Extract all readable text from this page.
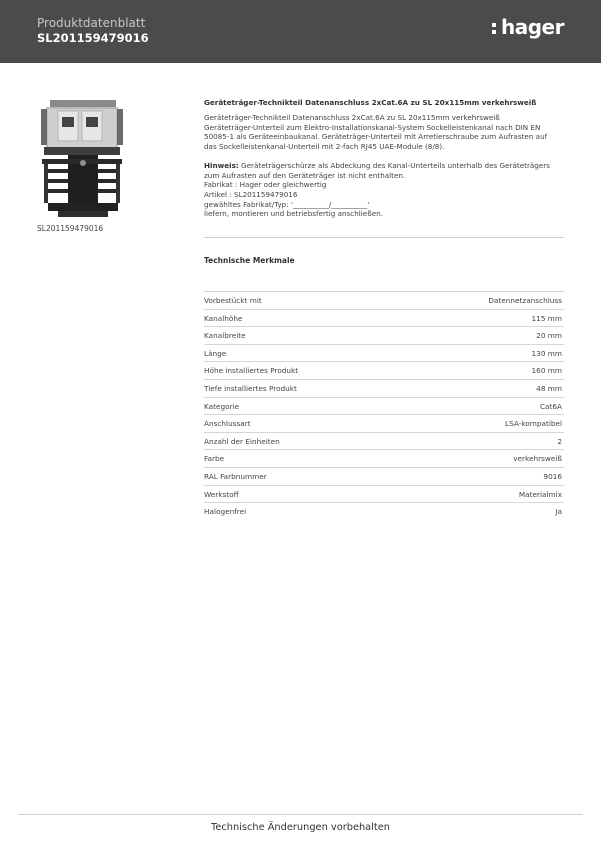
Produktdatenblatt
SL201159479016	hager
SL201159479016
Geräteträger-Technikteil Datenanschluss 2xCat.6A zu SL 20x115mm verkehrsweiß

Geräteträger-Technikteil Datenanschluss 2xCat.6A zu SL 20x115mm verkehrsweiß

Geräteträger-Unterteil zum Elektro-Installationskanal-System Sockelleistenkanal nach DIN EN

50085-1 als Geräteeinbaukanal. Geräteträger-Unterteil mit Arretierschraube zum Aufrasten auf

das Sockelleistenkanal-Unterteil mit 2-fach RJ45 UAE-Module (8/8).

Hinweis: Geräteträgerschürze als Abdeckung des Kanal-Unterteils unterhalb des Geräteträgers

zum Aufrasten auf den Geräteträger ist nicht enthalten.

Fabrikat : Hager oder gleichwertig

Artikel : SL201159479016

gewähltes Fabrikat/Typ: '__________/__________'

liefern, montieren und betriebsfertig anschließen.

Technische Merkmale
Vorbestückt mit	Datennetzanschluss
Kanalhöhe	115 mm
Kanalbreite	20 mm
Länge	130 mm
Höhe installiertes Produkt	160 mm
Tiefe installiertes Produkt	48 mm
Kategorie	Cat6A
Anschlussart	LSA-kompatibel
Anzahl der Einheiten	2
Farbe	verkehrsweiß
RAL Farbnummer	9016
Werkstoff	Materialmix
Halogenfrei	Ja
Technische Änderungen vorbehalten
